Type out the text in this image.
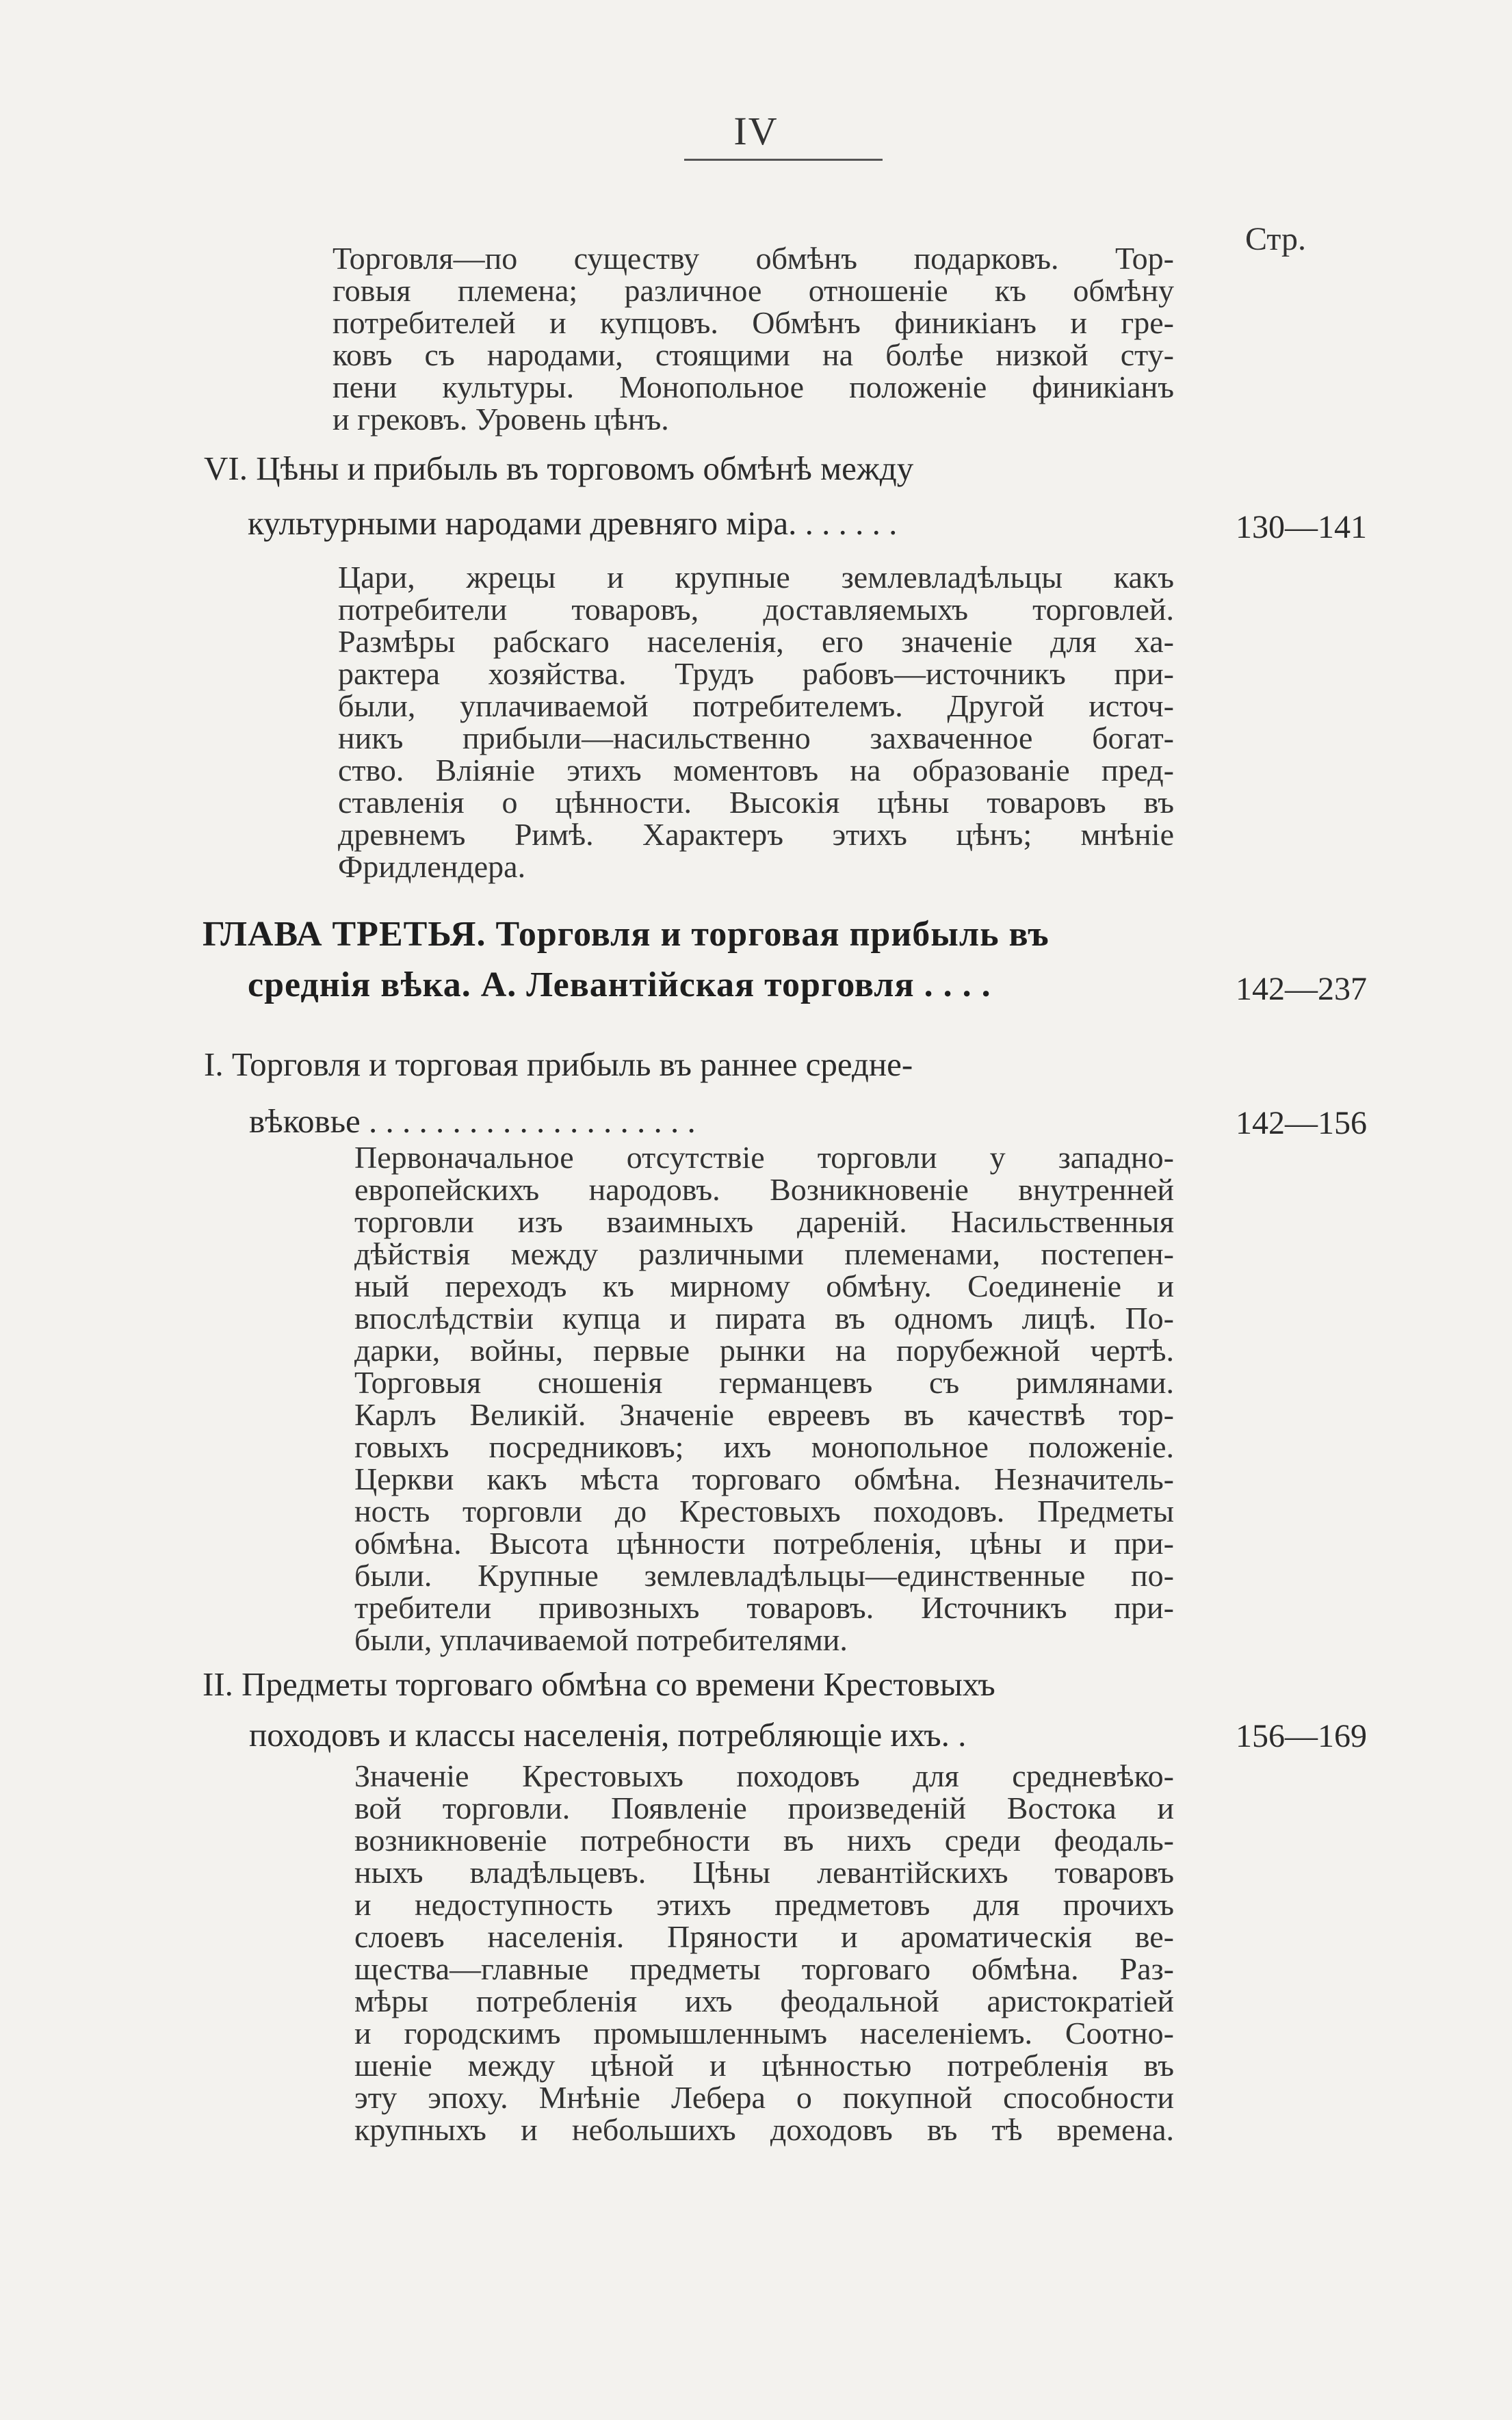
IV
Стр.
Торговля—по существу обмѣнъ подарковъ. Тор-
говыя племена; различное отношеніе къ обмѣну
потребителей и купцовъ. Обмѣнъ финикіанъ и гре-
ковъ съ народами, стоящими на болѣе низкой сту-
пени культуры. Монопольное положеніе финикіанъ
и грековъ. Уровень цѣнъ.
VI. Цѣны и прибыль въ торговомъ обмѣнѣ между
культурными народами древняго міра. . . . . . .	130—141
Цари, жрецы и крупные землевладѣльцы какъ
потребители товаровъ, доставляемыхъ торговлей.
Размѣры рабскаго населенія, его значеніе для ха-
рактера хозяйства. Трудъ рабовъ—источникъ при-
были, уплачиваемой потребителемъ. Другой источ-
никъ прибыли—насильственно захваченное богат-
ство. Вліяніе этихъ моментовъ на образованіе пред-
ставленія о цѣнности. Высокія цѣны товаровъ въ
древнемъ Римѣ. Характеръ этихъ цѣнъ; мнѣніе
Фридлендера.
ГЛАВА ТРЕТЬЯ. Торговля и торговая прибыль въ
среднія вѣка. А. Левантійская торговля . . . .	142—237
I. Торговля и торговая прибыль въ раннее средне-
вѣковье . . . . . . . . . . . . . . . . . . . .	142—156
Первоначальное отсутствіе торговли у западно-
европейскихъ народовъ. Возникновеніе внутренней
торговли изъ взаимныхъ дареній. Насильственныя
дѣйствія между различными племенами, постепен-
ный переходъ къ мирному обмѣну. Соединеніе и
впослѣдствіи купца и пирата въ одномъ лицѣ. По-
дарки, войны, первые рынки на порубежной чертѣ.
Торговыя сношенія германцевъ съ римлянами.
Карлъ Великій. Значеніе евреевъ въ качествѣ тор-
говыхъ посредниковъ; ихъ монопольное положеніе.
Церкви какъ мѣста торговаго обмѣна. Незначитель-
ность торговли до Крестовыхъ походовъ. Предметы
обмѣна. Высота цѣнности потребленія, цѣны и при-
были. Крупные землевладѣльцы—единственные по-
требители привозныхъ товаровъ. Источникъ при-
были, уплачиваемой потребителями.
II. Предметы торговаго обмѣна со времени Крестовыхъ
походовъ и классы населенія, потребляющіе ихъ. .	156—169
Значеніе Крестовыхъ походовъ для средневѣко-
вой торговли. Появленіе произведеній Востока и
возникновеніе потребности въ нихъ среди феодаль-
ныхъ владѣльцевъ. Цѣны левантійскихъ товаровъ
и недоступность этихъ предметовъ для прочихъ
слоевъ населенія. Пряности и ароматическія ве-
щества—главные предметы торговаго обмѣна. Раз-
мѣры потребленія ихъ феодальной аристократіей
и городскимъ промышленнымъ населеніемъ. Соотно-
шеніе между цѣной и цѣнностью потребленія въ
эту эпоху. Мнѣніе Лебера о покупной способности
крупныхъ и небольшихъ доходовъ въ тѣ времена.
